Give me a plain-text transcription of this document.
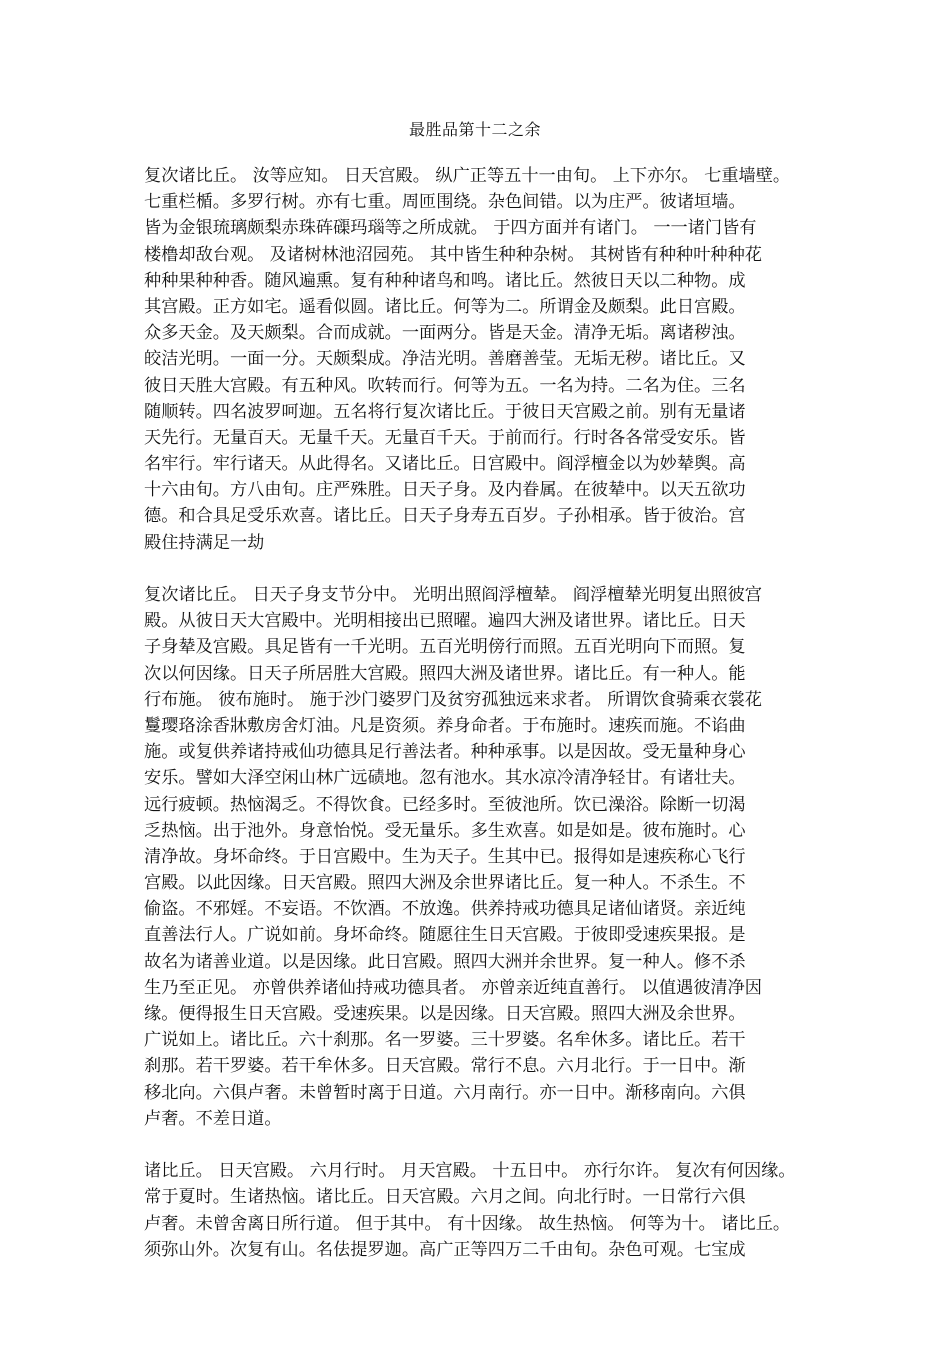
最胜品第十二之余
复次诸比丘。 汝等应知。 日天宫殿。 纵广正等五十一由旬。 上下亦尔。 七重墙壁。
七重栏楯。多罗行树。亦有七重。周匝围绕。杂色间错。以为庄严。彼诸垣墙。
皆为金银琉璃颇梨赤珠砗磲玛瑙等之所成就。 于四方面并有诸门。 一一诸门皆有
楼橹却敌台观。 及诸树林池沼园苑。 其中皆生种种杂树。 其树皆有种种叶种种花
种种果种种香。随风遍熏。复有种种诸鸟和鸣。诸比丘。然彼日天以二种物。成
其宫殿。正方如宅。遥看似圆。诸比丘。何等为二。所谓金及颇梨。此日宫殿。
众多天金。及天颇梨。合而成就。一面两分。皆是天金。清净无垢。离诸秽浊。
皎洁光明。一面一分。天颇梨成。净洁光明。善磨善莹。无垢无秽。诸比丘。又
彼日天胜大宫殿。有五种风。吹转而行。何等为五。一名为持。二名为住。三名
随顺转。四名波罗呵迦。五名将行复次诸比丘。于彼日天宫殿之前。别有无量诸
天先行。无量百天。无量千天。无量百千天。于前而行。行时各各常受安乐。皆
名牢行。牢行诸天。从此得名。又诸比丘。日宫殿中。阎浮檀金以为妙辇舆。高
十六由旬。方八由旬。庄严殊胜。日天子身。及内眷属。在彼辇中。以天五欲功
德。和合具足受乐欢喜。诸比丘。日天子身寿五百岁。子孙相承。皆于彼治。宫
殿住持满足一劫
复次诸比丘。 日天子身支节分中。 光明出照阎浮檀辇。 阎浮檀辇光明复出照彼宫
殿。从彼日天大宫殿中。光明相接出已照曜。遍四大洲及诸世界。诸比丘。日天
子身辇及宫殿。具足皆有一千光明。五百光明傍行而照。五百光明向下而照。复
次以何因缘。日天子所居胜大宫殿。照四大洲及诸世界。诸比丘。有一种人。能
行布施。 彼布施时。 施于沙门婆罗门及贫穷孤独远来求者。 所谓饮食骑乘衣裳花
鬘璎珞涂香牀敷房舍灯油。凡是资须。养身命者。于布施时。速疾而施。不谄曲
施。或复供养诸持戒仙功德具足行善法者。种种承事。以是因故。受无量种身心
安乐。譬如大泽空闲山林广远碛地。忽有池水。其水凉冷清净轻甘。有诸壮夫。
远行疲顿。热恼渴乏。不得饮食。已经多时。至彼池所。饮已澡浴。除断一切渴
乏热恼。出于池外。身意怡悦。受无量乐。多生欢喜。如是如是。彼布施时。心
清净故。身坏命终。于日宫殿中。生为天子。生其中已。报得如是速疾称心飞行
宫殿。以此因缘。日天宫殿。照四大洲及余世界诸比丘。复一种人。不杀生。不
偷盗。不邪婬。不妄语。不饮酒。不放逸。供养持戒功德具足诸仙诸贤。亲近纯
直善法行人。广说如前。身坏命终。随愿往生日天宫殿。于彼即受速疾果报。是
故名为诸善业道。以是因缘。此日宫殿。照四大洲并余世界。复一种人。修不杀
生乃至正见。 亦曾供养诸仙持戒功德具者。 亦曾亲近纯直善行。 以值遇彼清净因
缘。便得报生日天宫殿。受速疾果。以是因缘。日天宫殿。照四大洲及余世界。
广说如上。诸比丘。六十刹那。名一罗婆。三十罗婆。名牟休多。诸比丘。若干
刹那。若干罗婆。若干牟休多。日天宫殿。常行不息。六月北行。于一日中。渐
移北向。六俱卢奢。未曾暂时离于日道。六月南行。亦一日中。渐移南向。六俱
卢奢。不差日道。
诸比丘。 日天宫殿。 六月行时。 月天宫殿。 十五日中。 亦行尔许。 复次有何因缘。
常于夏时。生诸热恼。诸比丘。日天宫殿。六月之间。向北行时。一日常行六俱
卢奢。未曾舍离日所行道。 但于其中。 有十因缘。 故生热恼。 何等为十。 诸比丘。
须弥山外。次复有山。名佉提罗迦。高广正等四万二千由旬。杂色可观。七宝成
